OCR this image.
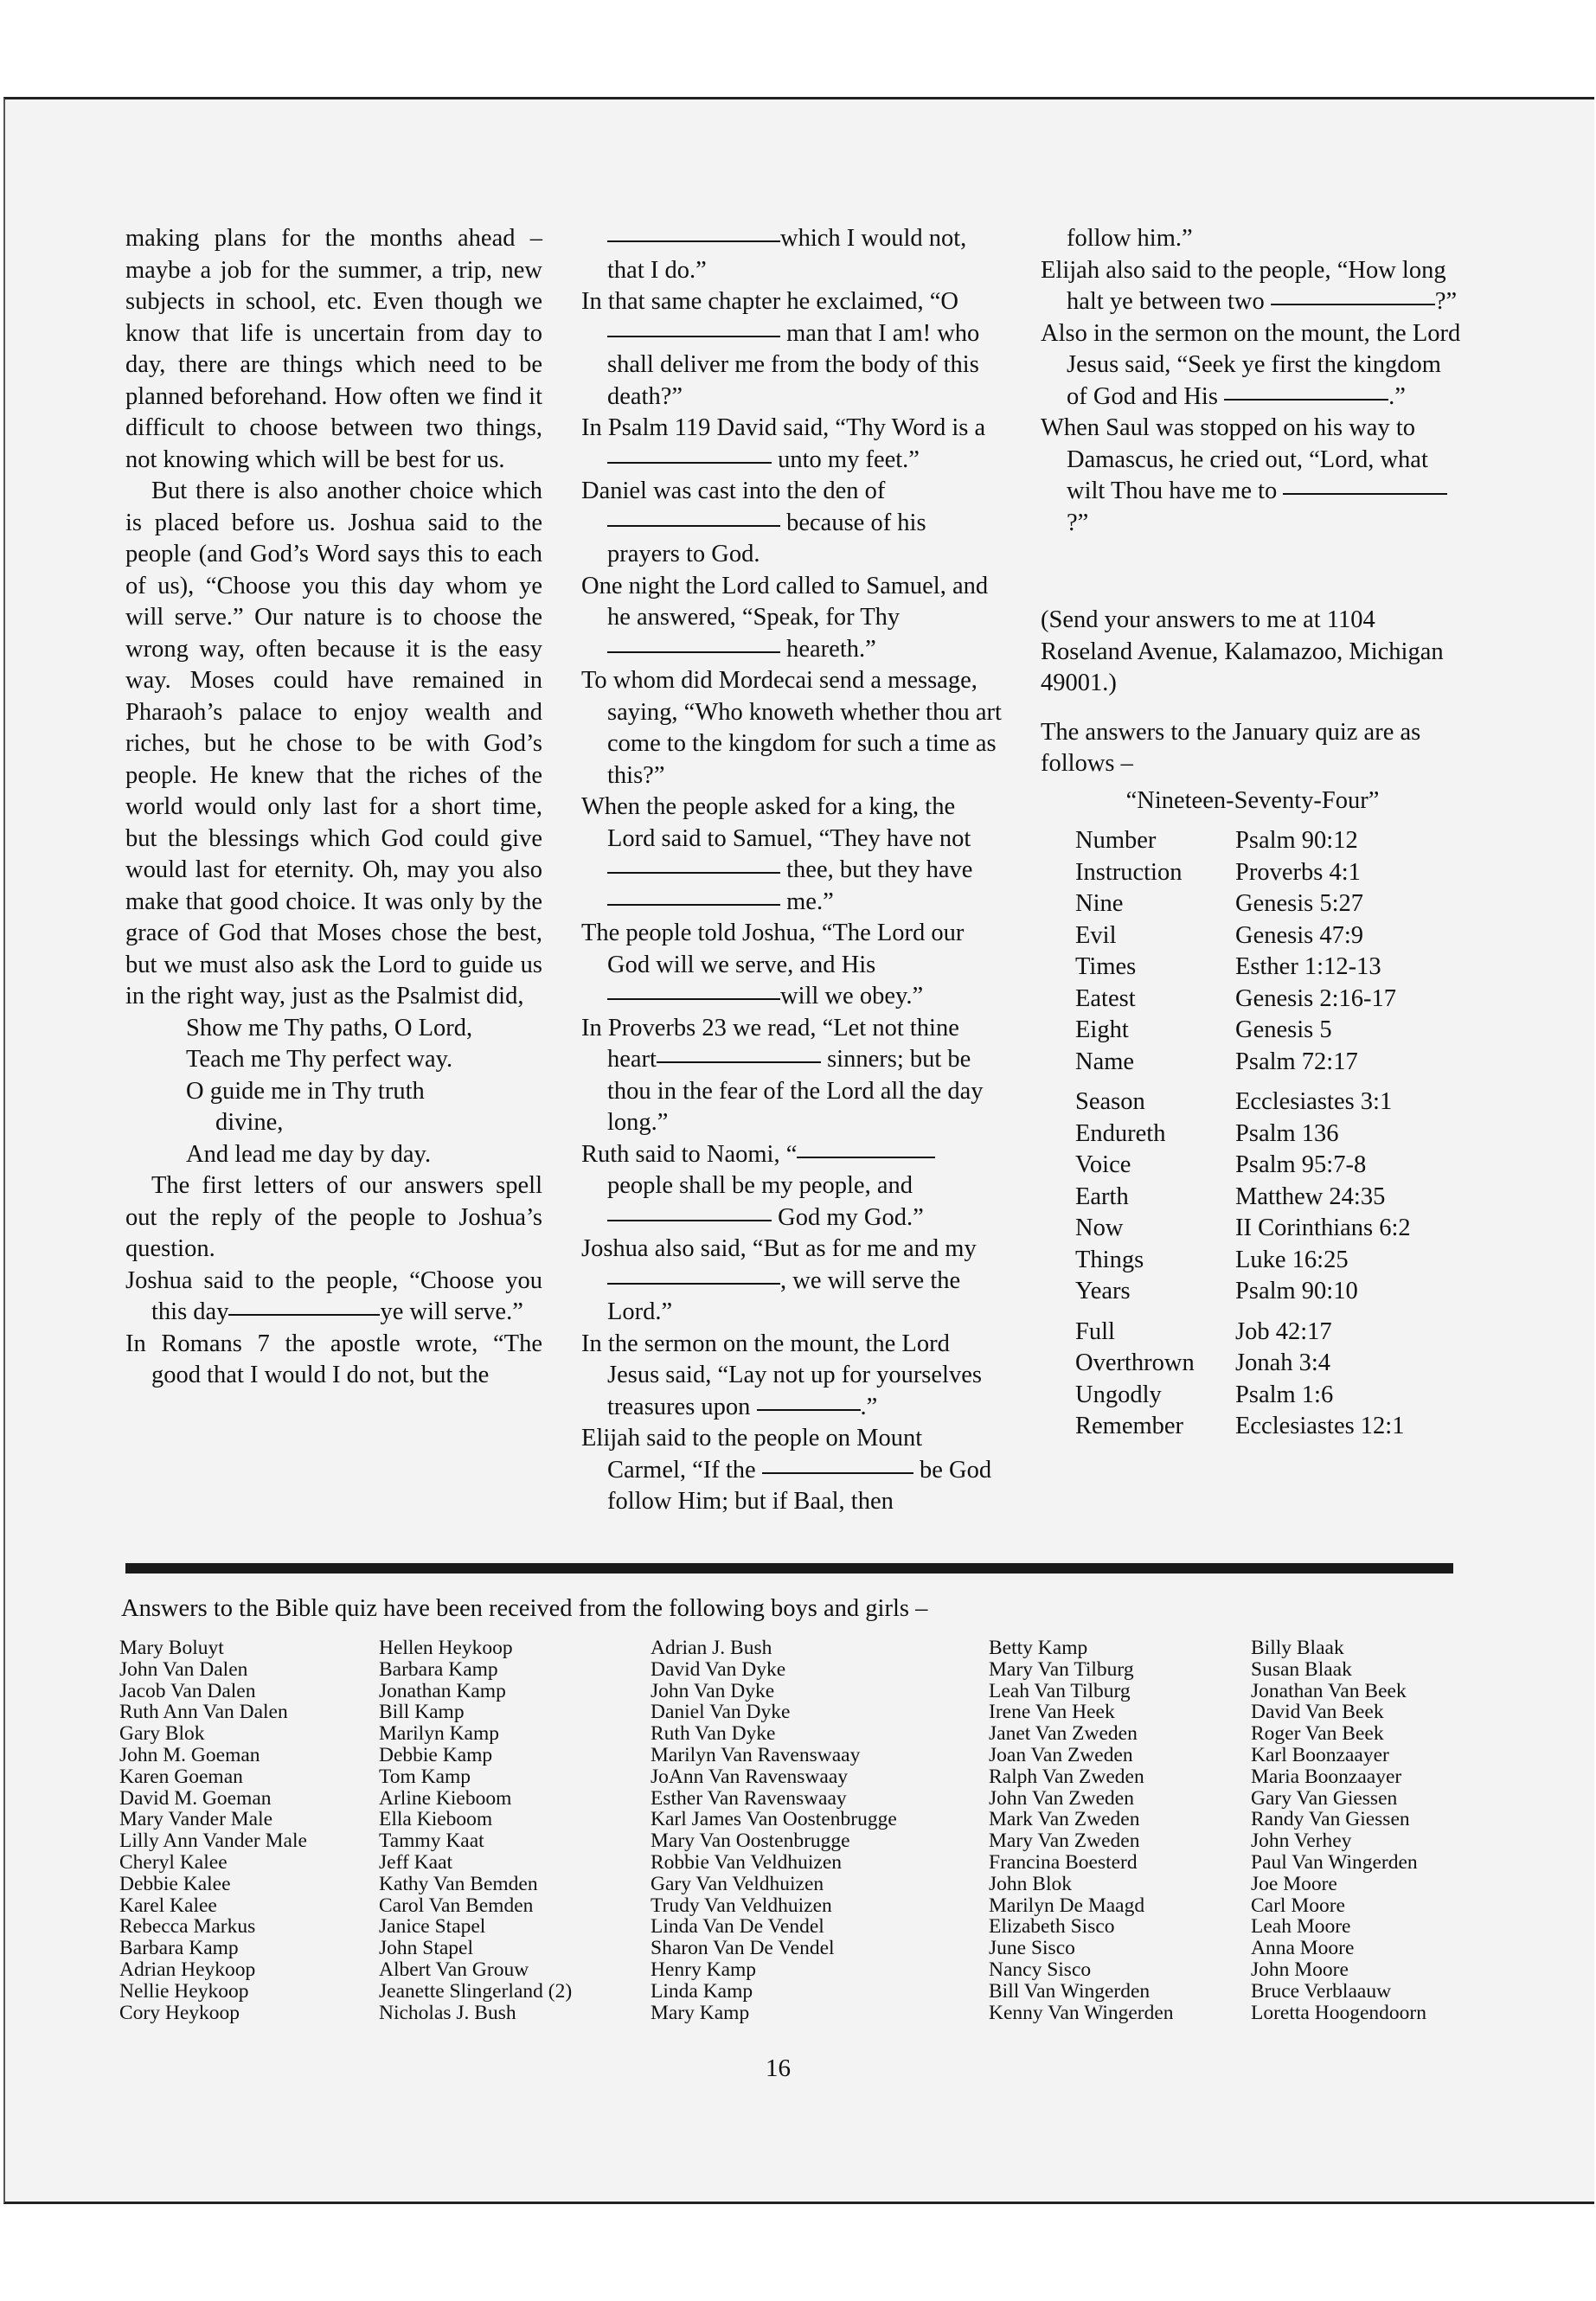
making plans for the months ahead – maybe a job for the summer, a trip, new subjects in school, etc. Even though we know that life is uncertain from day to day, there are things which need to be planned beforehand. How often we find it difficult to choose between two things, not knowing which will be best for us.

But there is also another choice which is placed before us. Joshua said to the people (and God’s Word says this to each of us), “Choose you this day whom ye will serve.” Our nature is to choose the wrong way, often because it is the easy way. Moses could have remained in Pharaoh’s palace to enjoy wealth and riches, but he chose to be with God’s people. He knew that the riches of the world would only last for a short time, but the blessings which God could give would last for eternity. Oh, may you also make that good choice. It was only by the grace of God that Moses chose the best, but we must also ask the Lord to guide us in the right way, just as the Psalmist did,

Show me Thy paths, O Lord,
Teach me Thy perfect way.
O guide me in Thy truth
divine,
And lead me day by day.

The first letters of our answers spell out the reply of the people to Joshua’s question.

Joshua said to the people, “Choose you this day	ye will serve.”

In Romans 7 the apostle wrote, “The good that I would I do not, but the

which I would not, that I do.”

In that same chapter he exclaimed, “O  man that I am! who shall deliver me from the body of this death?”

In Psalm 119 David said, “Thy Word is a  unto my feet.”

Daniel was cast into the den of  because of his prayers to God.

One night the Lord called to Samuel, and he answered, “Speak, for Thy  heareth.”

To whom did Mordecai send a message, saying, “Who knoweth whether thou art come to the kingdom for such a time as this?”

When the people asked for a king, the Lord said to Samuel, “They have not thee, but they have me.”

The people told Joshua, “The Lord our God will we serve, and His will we obey.”

In Proverbs 23 we read, “Let not thine heart	sinners; but be thou in the fear of the Lord all the day long.”

Ruth said to Naomi, “ people shall be my people, and  God my God.”

Joshua also said, “But as for me and my , we will serve the Lord.”

In the sermon on the mount, the Lord Jesus said, “Lay not up for yourselves treasures upon	.”

Elijah said to the people on Mount Carmel, “If the	be God follow Him; but if Baal, then

follow him.”

Elijah also said to the people, “How long halt ye between two	?”

Also in the sermon on the mount, the Lord Jesus said, “Seek ye first the kingdom of God and His	.”

When Saul was stopped on his way to Damascus, he cried out, “Lord, what wilt Thou have me to ?”

(Send your answers to me at 1104 Roseland Avenue, Kalamazoo, Michigan 49001.)

The answers to the January quiz are as follows –

“Nineteen-Seventy-Four”

Number	Psalm 90:12
Instruction	Proverbs 4:1
Nine	Genesis 5:27
Evil	Genesis 47:9
Times	Esther 1:12-13
Eatest	Genesis 2:16-17
Eight	Genesis 5
Name	Psalm 72:17
Season	Ecclesiastes 3:1
Endureth	Psalm 136
Voice	Psalm 95:7-8
Earth	Matthew 24:35
Now	II Corinthians 6:2
Things	Luke 16:25
Years	Psalm 90:10
Full	Job 42:17
Overthrown	Jonah 3:4
Ungodly	Psalm 1:6
Remember	Ecclesiastes 12:1
Answers to the Bible quiz have been received from the following boys and girls –
Mary Boluyt
John Van Dalen
Jacob Van Dalen
Ruth Ann Van Dalen
Gary Blok
John M. Goeman
Karen Goeman
David M. Goeman
Mary Vander Male
Lilly Ann Vander Male
Cheryl Kalee
Debbie Kalee
Karel Kalee
Rebecca Markus
Barbara Kamp
Adrian Heykoop
Nellie Heykoop
Cory Heykoop
Hellen Heykoop
Barbara Kamp
Jonathan Kamp
Bill Kamp
Marilyn Kamp
Debbie Kamp
Tom Kamp
Arline Kieboom
Ella Kieboom
Tammy Kaat
Jeff Kaat
Kathy Van Bemden
Carol Van Bemden
Janice Stapel
John Stapel
Albert Van Grouw
Jeanette Slingerland (2)
Nicholas J. Bush
Adrian J. Bush
David Van Dyke
John Van Dyke
Daniel Van Dyke
Ruth Van Dyke
Marilyn Van Ravenswaay
JoAnn Van Ravenswaay
Esther Van Ravenswaay
Karl James Van Oostenbrugge
Mary Van Oostenbrugge
Robbie Van Veldhuizen
Gary Van Veldhuizen
Trudy Van Veldhuizen
Linda Van De Vendel
Sharon Van De Vendel
Henry Kamp
Linda Kamp
Mary Kamp
Betty Kamp
Mary Van Tilburg
Leah Van Tilburg
Irene Van Heek
Janet Van Zweden
Joan Van Zweden
Ralph Van Zweden
John Van Zweden
Mark Van Zweden
Mary Van Zweden
Francina Boesterd
John Blok
Marilyn De Maagd
Elizabeth Sisco
June Sisco
Nancy Sisco
Bill Van Wingerden
Kenny Van Wingerden
Billy Blaak
Susan Blaak
Jonathan Van Beek
David Van Beek
Roger Van Beek
Karl Boonzaayer
Maria Boonzaayer
Gary Van Giessen
Randy Van Giessen
John Verhey
Paul Van Wingerden
Joe Moore
Carl Moore
Leah Moore
Anna Moore
John Moore
Bruce Verblaauw
Loretta Hoogendoorn
16
